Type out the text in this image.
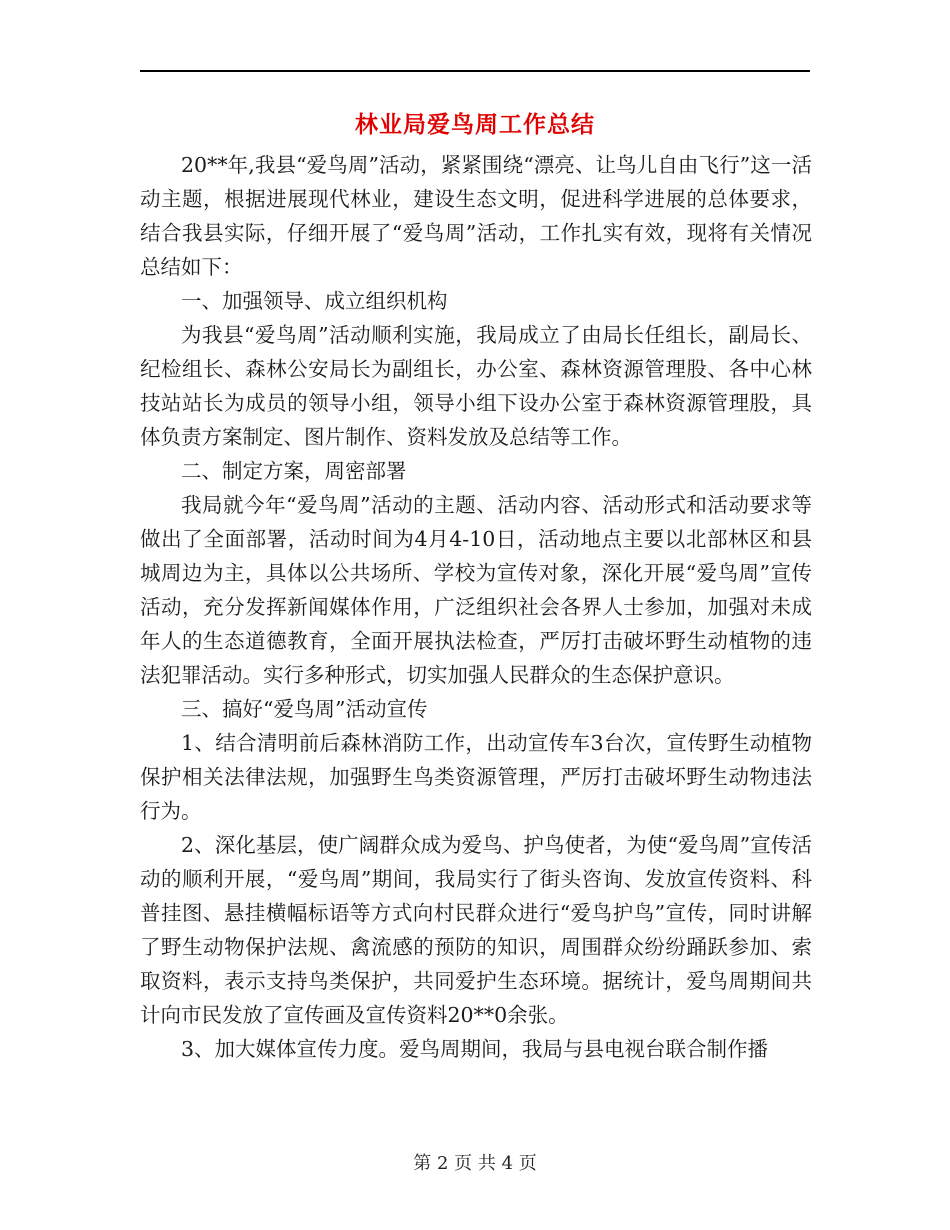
林业局爱鸟周工作总结

20**年,我县“爱鸟周”活动，紧紧围绕“漂亮、让鸟儿自由飞行”这一活动主题，根据进展现代林业，建设生态文明，促进科学进展的总体要求，结合我县实际，仔细开展了“爱鸟周”活动，工作扎实有效，现将有关情况总结如下：

一、加强领导、成立组织机构

为我县“爱鸟周”活动顺利实施，我局成立了由局长任组长，副局长、纪检组长、森林公安局长为副组长，办公室、森林资源管理股、各中心林技站站长为成员的领导小组，领导小组下设办公室于森林资源管理股，具体负责方案制定、图片制作、资料发放及总结等工作。

二、制定方案，周密部署

我局就今年“爱鸟周”活动的主题、活动内容、活动形式和活动要求等做出了全面部署，活动时间为4月4-10日，活动地点主要以北部林区和县城周边为主，具体以公共场所、学校为宣传对象，深化开展“爱鸟周”宣传活动，充分发挥新闻媒体作用，广泛组织社会各界人士参加，加强对未成年人的生态道德教育，全面开展执法检查，严厉打击破坏野生动植物的违法犯罪活动。实行多种形式，切实加强人民群众的生态保护意识。

三、搞好“爱鸟周”活动宣传

1、结合清明前后森林消防工作，出动宣传车3台次，宣传野生动植物保护相关法律法规，加强野生鸟类资源管理，严厉打击破坏野生动物违法行为。

2、深化基层，使广阔群众成为爱鸟、护鸟使者，为使“爱鸟周”宣传活动的顺利开展，“爱鸟周”期间，我局实行了街头咨询、发放宣传资料、科普挂图、悬挂横幅标语等方式向村民群众进行“爱鸟护鸟”宣传，同时讲解了野生动物保护法规、禽流感的预防的知识，周围群众纷纷踊跃参加、索取资料，表示支持鸟类保护，共同爱护生态环境。据统计，爱鸟周期间共计向市民发放了宣传画及宣传资料20**0余张。

3、加大媒体宣传力度。爱鸟周期间，我局与县电视台联合制作播

第 2 页 共 4 页
